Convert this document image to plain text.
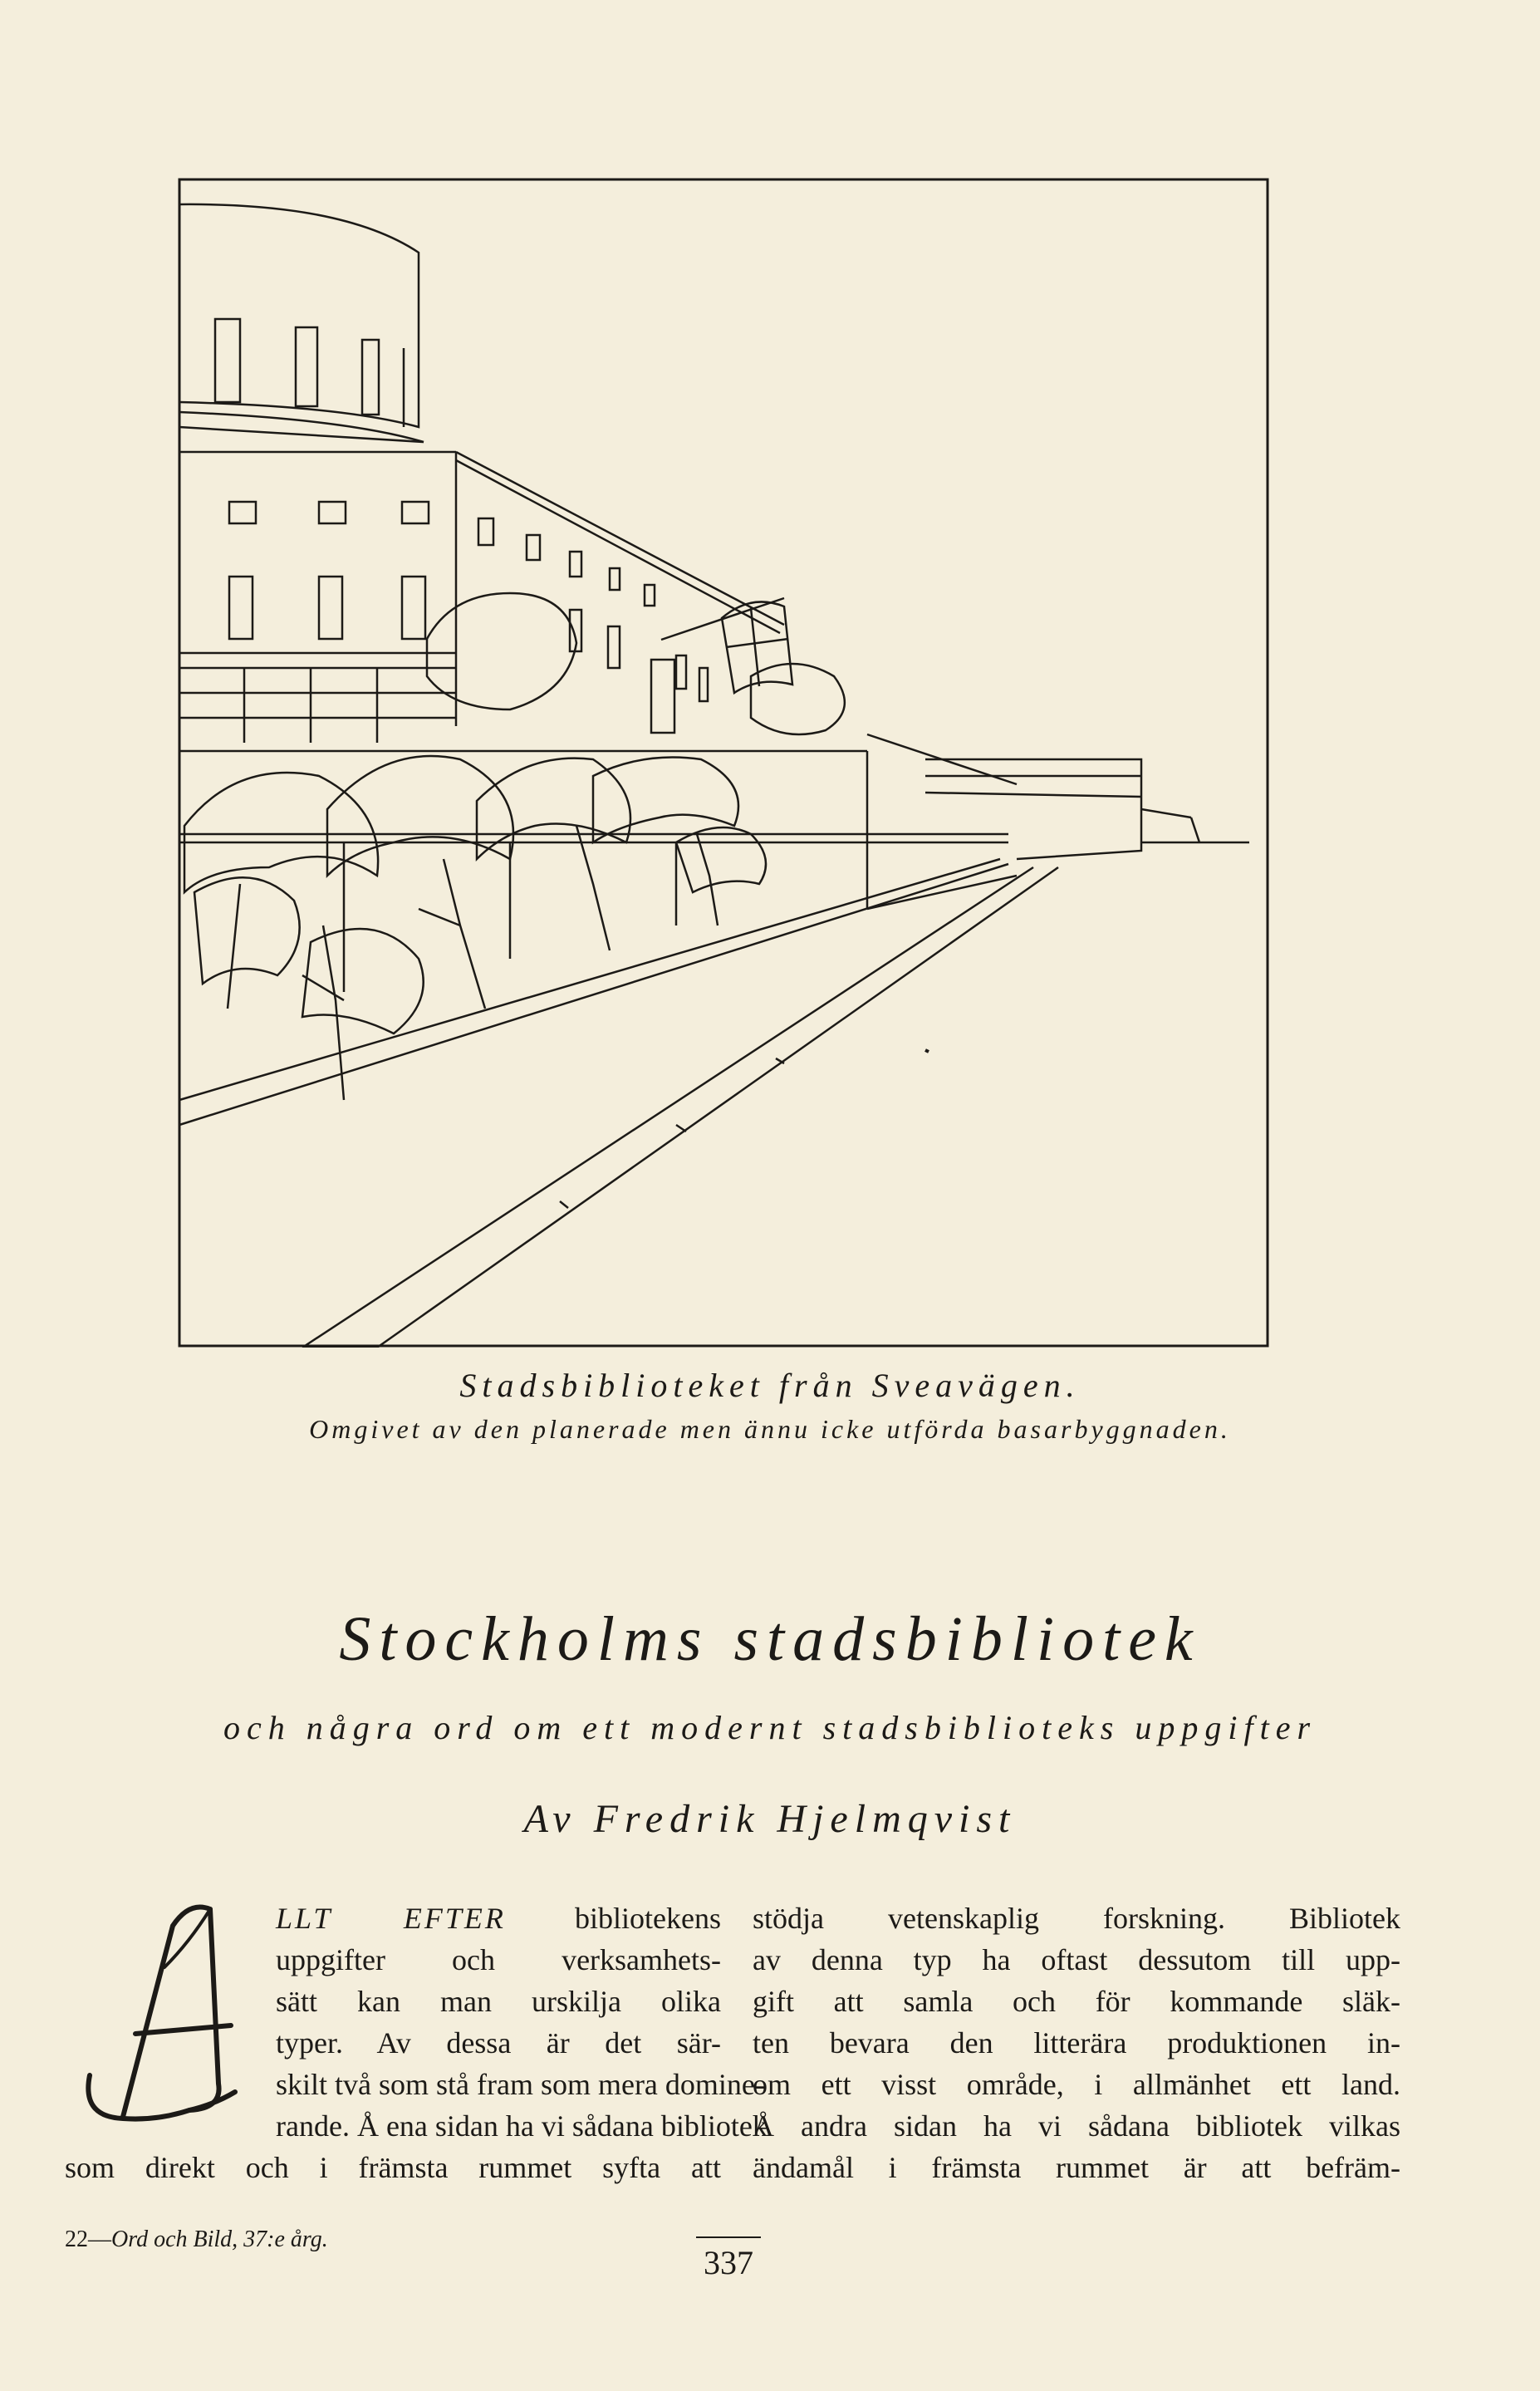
Stadsbiblioteket från Sveavägen.
Omgivet av den planerade men ännu icke utförda basarbyggnaden.
Stockholms stadsbibliotek
och några ord om ett modernt stadsbiblioteks uppgifter
Av Fredrik Hjelmqvist
LLT EFTER bibliotekens
uppgifter och verksamhets-
sätt kan man urskilja olika
typer. Av dessa är det sär-
skilt två som stå fram som mera domine-
rande. Å ena sidan ha vi sådana bibliotek
som direkt och i främsta rummet syfta att
stödja vetenskaplig forskning. Bibliotek
av denna typ ha oftast dessutom till upp-
gift att samla och för kommande släk-
ten bevara den litterära produktionen in-
om ett visst område, i allmänhet ett land.
Å andra sidan ha vi sådana bibliotek vilkas
ändamål i främsta rummet är att befräm-
22—Ord och Bild, 37:e årg.
337
